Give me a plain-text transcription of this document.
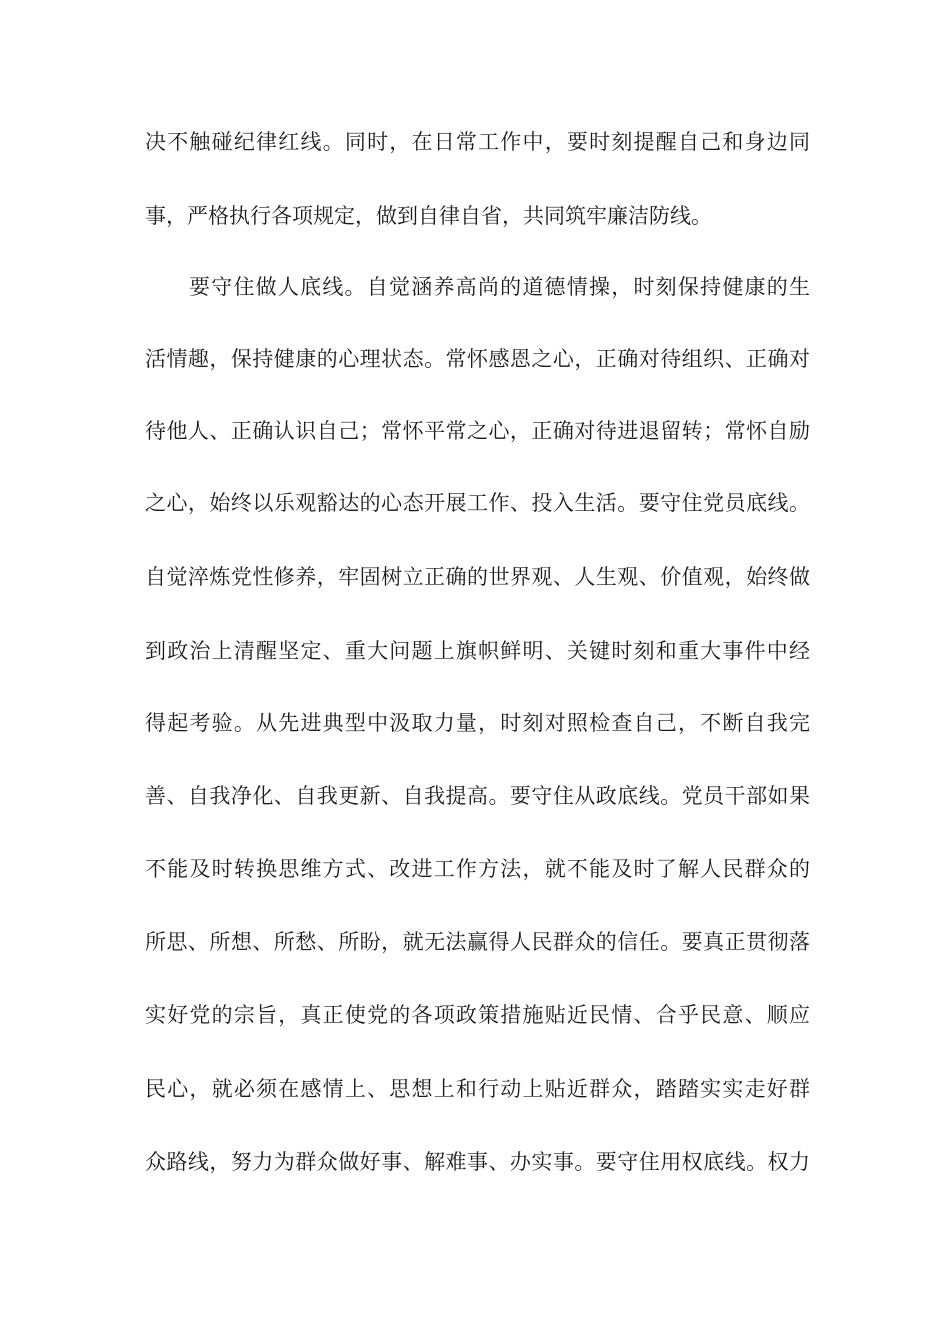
决不触碰纪律红线。同时，在日常工作中，要时刻提醒自己和身边同
事，严格执行各项规定，做到自律自省，共同筑牢廉洁防线。
要守住做人底线。自觉涵养高尚的道德情操，时刻保持健康的生
活情趣，保持健康的心理状态。常怀感恩之心，正确对待组织、正确对
待他人、正确认识自己；常怀平常之心，正确对待进退留转；常怀自励
之心，始终以乐观豁达的心态开展工作、投入生活。要守住党员底线。
自觉淬炼党性修养，牢固树立正确的世界观、人生观、价值观，始终做
到政治上清醒坚定、重大问题上旗帜鲜明、关键时刻和重大事件中经
得起考验。从先进典型中汲取力量，时刻对照检查自己，不断自我完
善、自我净化、自我更新、自我提高。要守住从政底线。党员干部如果
不能及时转换思维方式、改进工作方法，就不能及时了解人民群众的
所思、所想、所愁、所盼，就无法赢得人民群众的信任。要真正贯彻落
实好党的宗旨，真正使党的各项政策措施贴近民情、合乎民意、顺应
民心，就必须在感情上、思想上和行动上贴近群众，踏踏实实走好群
众路线，努力为群众做好事、解难事、办实事。要守住用权底线。权力
